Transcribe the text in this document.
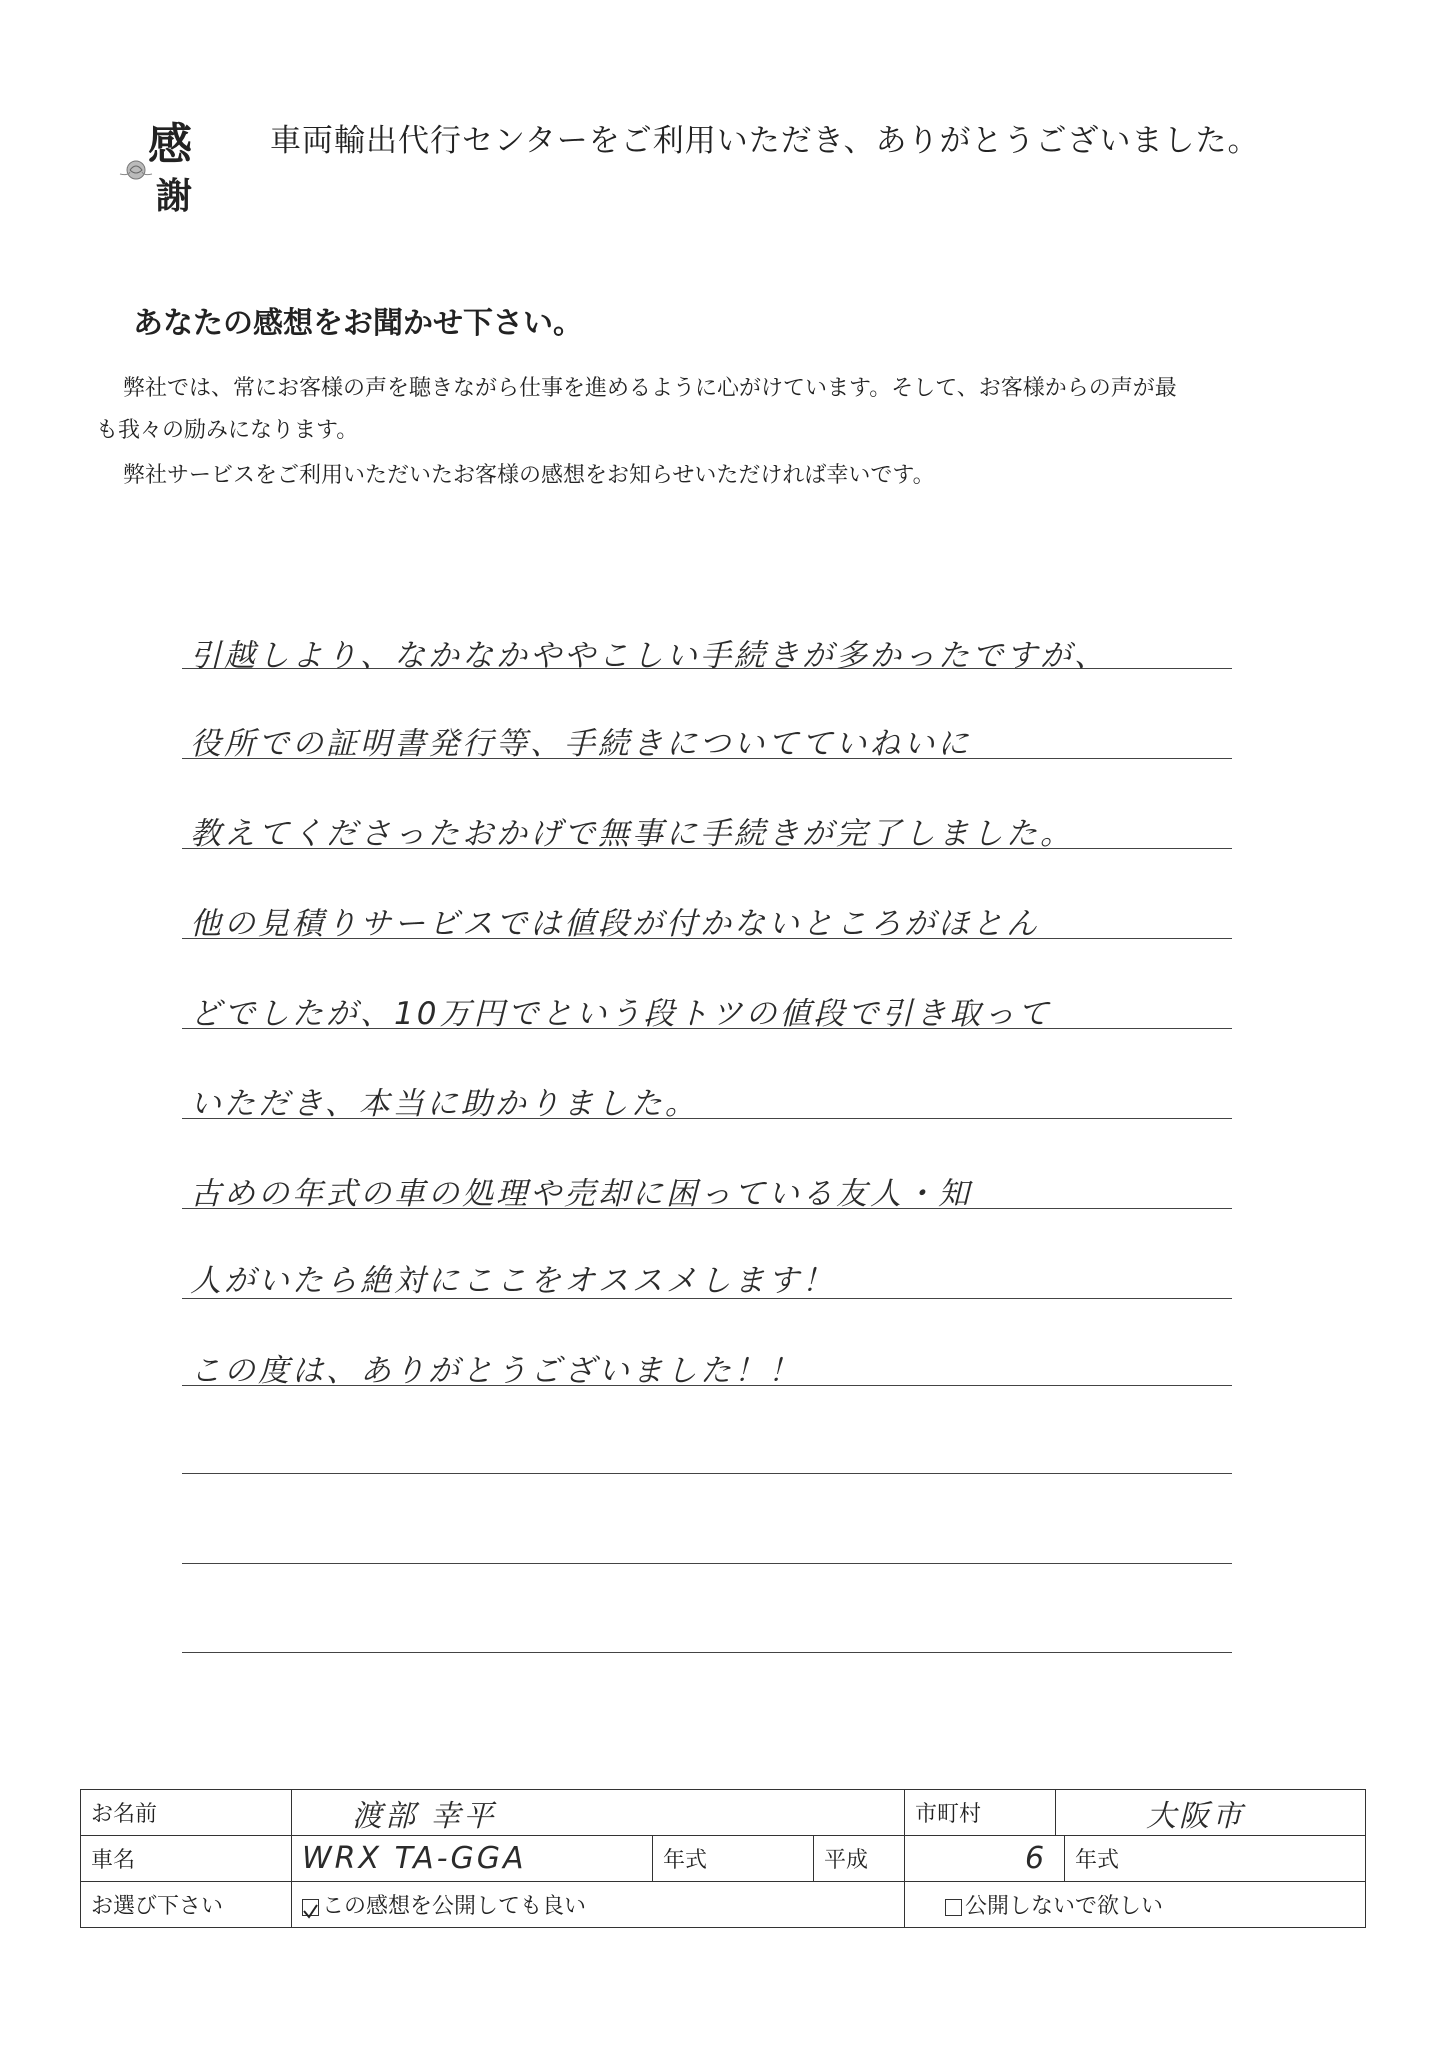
感
謝
車両輸出代行センターをご利用いただき、ありがとうございました。
あなたの感想をお聞かせ下さい。
弊社では、常にお客様の声を聴きながら仕事を進めるように心がけています。そして、お客様からの声が最
も我々の励みになります。
弊社サービスをご利用いただいたお客様の感想をお知らせいただければ幸いです。
引越しより、なかなかややこしい手続きが多かったですが、
役所での証明書発行等、手続きについてていねいに
教えてくださったおかげで無事に手続きが完了しました。
他の見積りサービスでは値段が付かないところがほとん
どでしたが、10万円でという段トツの値段で引き取って
いただき、本当に助かりました。
古めの年式の車の処理や売却に困っている友人・知
人がいたら絶対にここをオススメします！
この度は、ありがとうございました！！
お名前	渡部 幸平			市町村	大阪市	
車名	WRX TA-GGA	年式	平成	6		年式
お選び下さい	この感想を公開しても良い			公開しないで欲しい		
